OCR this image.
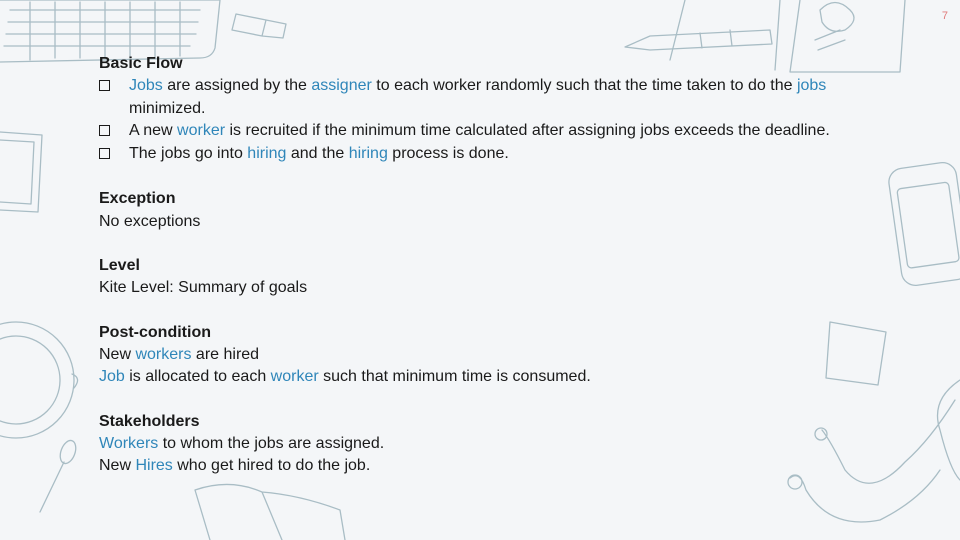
7
Basic Flow
Jobs are assigned by the assigner to each worker randomly such that the time taken to do the jobs minimized.
A new worker is recruited if the minimum time calculated after assigning jobs exceeds the deadline.
The jobs go into hiring and the hiring process is done.
Exception
No exceptions
Level
Kite Level: Summary of goals
Post-condition
New workers are hired
Job is allocated to each worker such that minimum time is consumed.
Stakeholders
Workers to whom the jobs are assigned.
New Hires who get hired to do the job.
